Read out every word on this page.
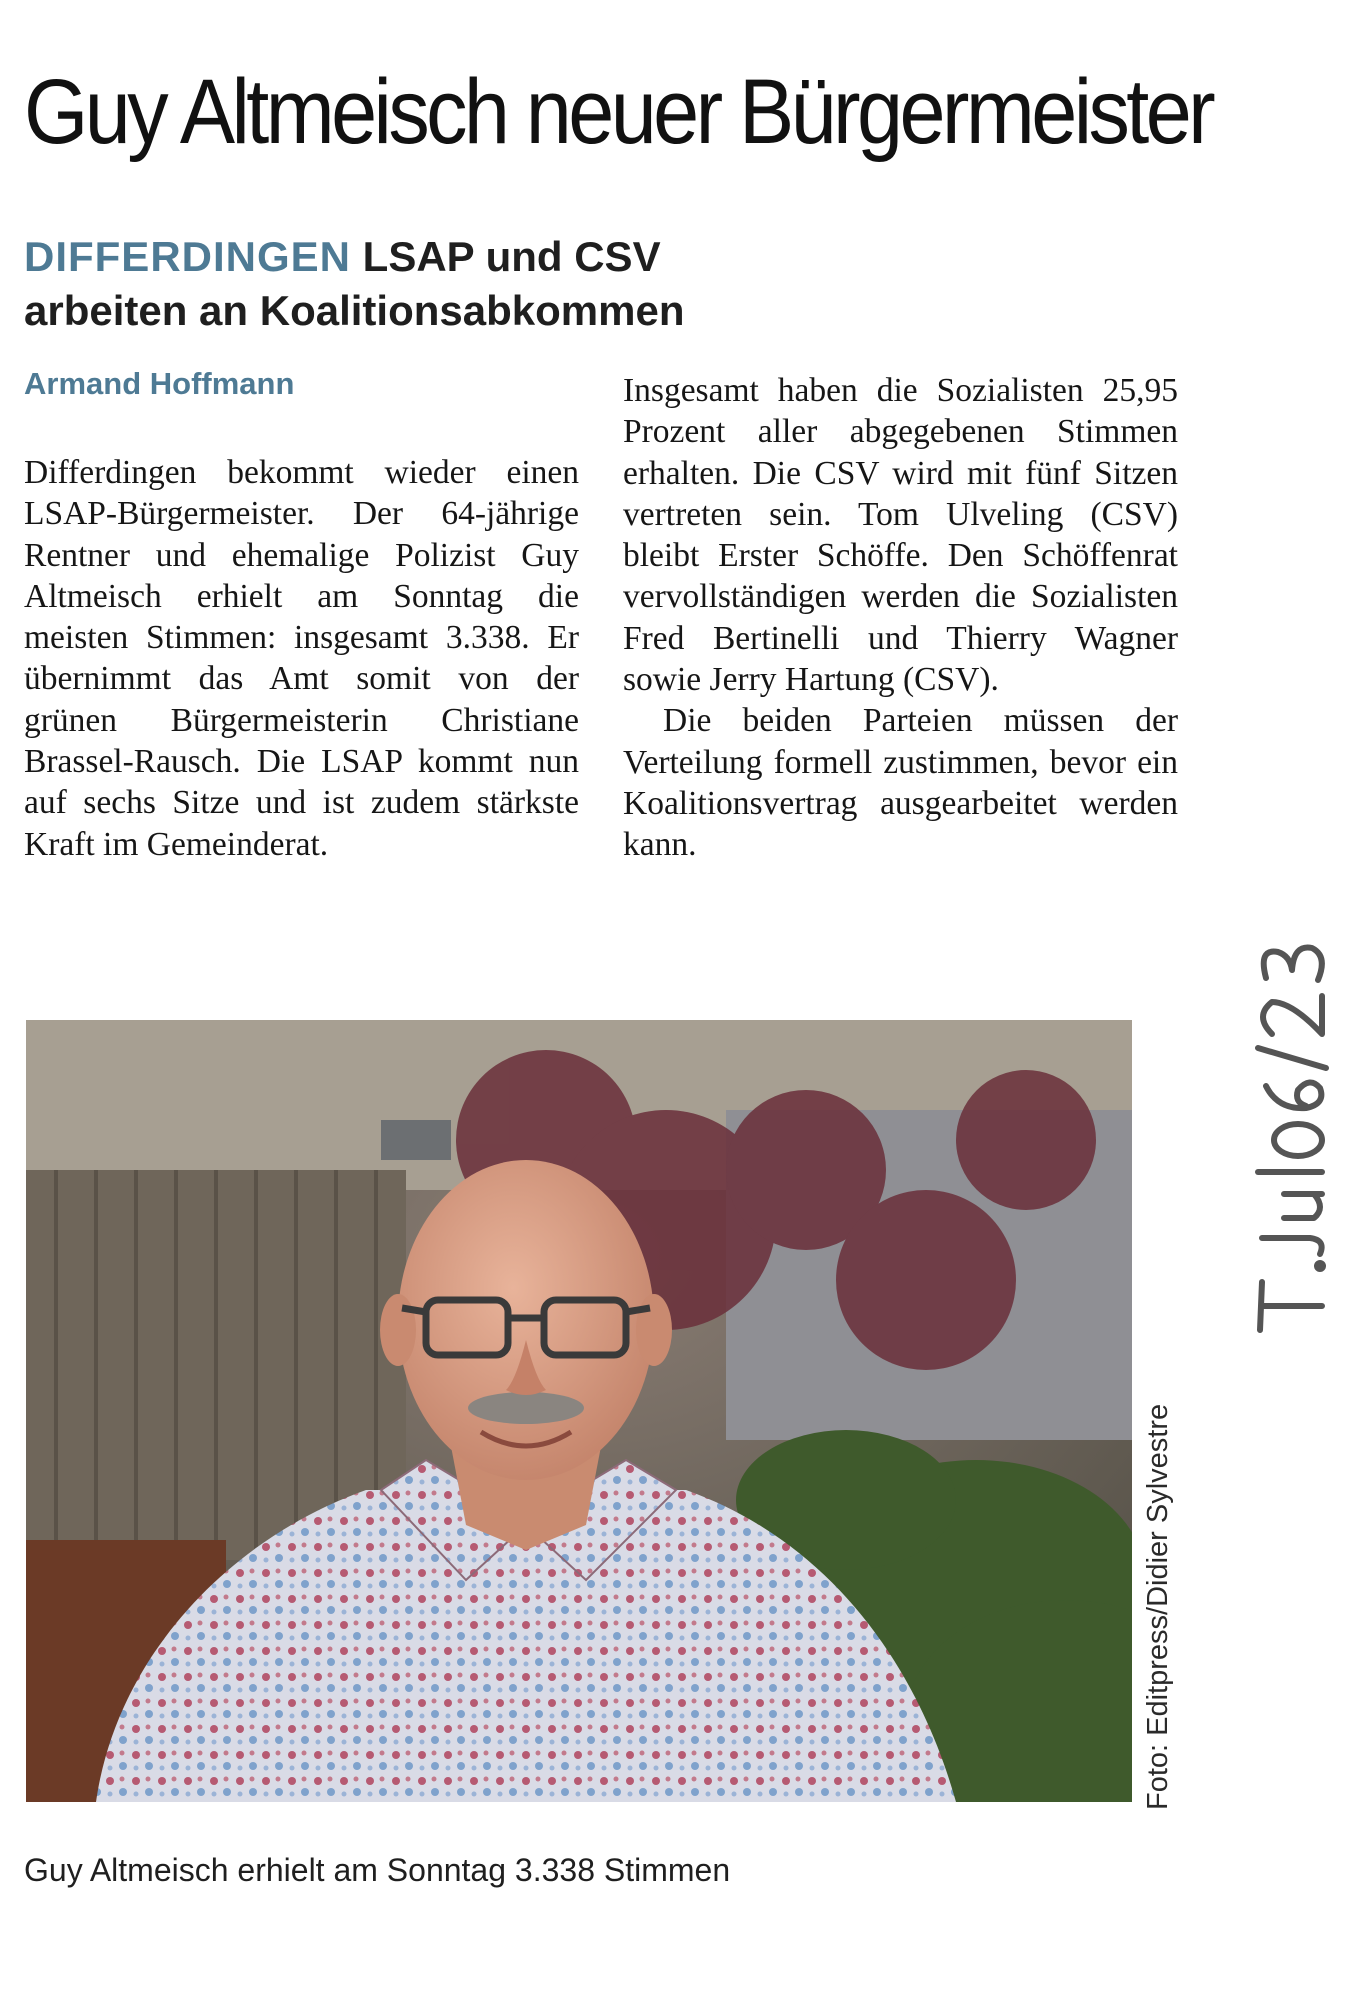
Guy Altmeisch neuer Bürgermeister
DIFFERDINGEN LSAP und CSV
arbeiten an Koalitionsabkommen

Armand Hoffmann

Differdingen bekommt wieder einen LSAP-Bürgermeister. Der 64-jährige Rentner und ehemalige Polizist Guy Altmeisch erhielt am Sonntag die meisten Stimmen: insgesamt 3.338. Er übernimmt das Amt somit von der grünen Bürgermeisterin Christiane Brassel-Rausch. Die LSAP kommt nun auf sechs Sitze und ist zudem stärkste Kraft im Gemeinderat.

Insgesamt haben die Sozialisten 25,95 Prozent aller abgegebenen Stimmen erhalten. Die CSV wird mit fünf Sitzen vertreten sein. Tom Ulveling (CSV) bleibt Erster Schöffe. Den Schöffenrat vervollständigen werden die Sozialisten Fred Bertinelli und Thierry Wagner sowie Jerry Hartung (CSV).

Die beiden Parteien müssen der Verteilung formell zustimmen, bevor ein Koalitionsvertrag ausgearbeitet werden kann.

Foto: Editpress/Didier Sylvestre

Guy Altmeisch erhielt am Sonntag 3.338 Stimmen
